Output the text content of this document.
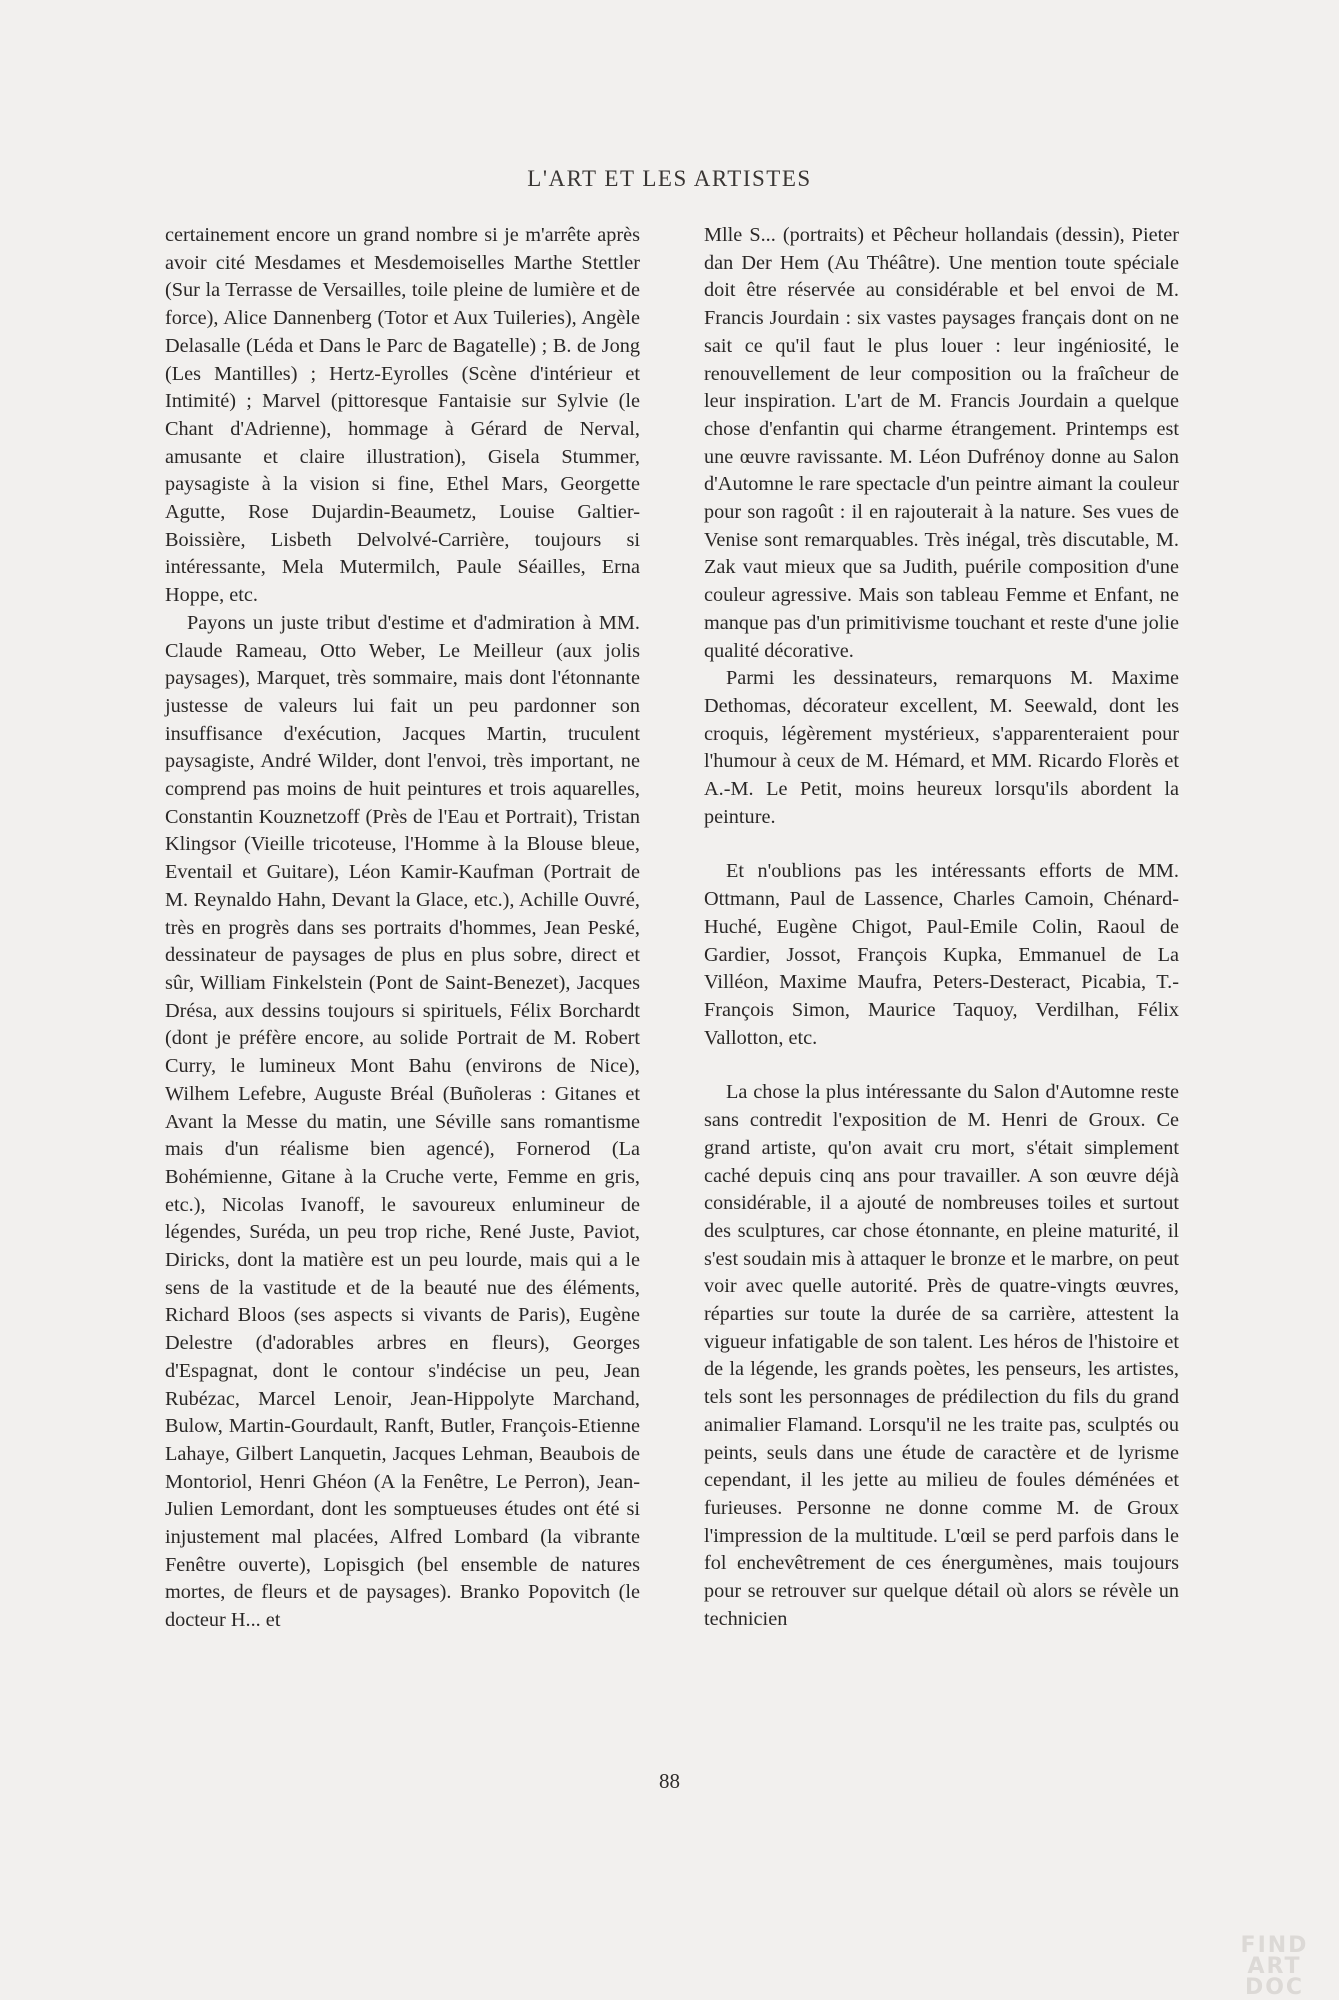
L'ART ET LES ARTISTES

certainement encore un grand nombre si je m'arrête après avoir cité Mesdames et Mesdemoiselles Marthe Stettler (Sur la Terrasse de Versailles, toile pleine de lumière et de force), Alice Dannenberg (Totor et Aux Tuileries), Angèle Delasalle (Léda et Dans le Parc de Bagatelle) ; B. de Jong (Les Mantilles) ; Hertz-Eyrolles (Scène d'intérieur et Intimité) ; Marvel (pittoresque Fantaisie sur Sylvie (le Chant d'Adrienne), hommage à Gérard de Nerval, amusante et claire illustration), Gisela Stummer, paysagiste à la vision si fine, Ethel Mars, Georgette Agutte, Rose Dujardin-Beaumetz, Louise Galtier-Boissière, Lisbeth Delvolvé-Carrière, toujours si intéressante, Mela Mutermilch, Paule Séailles, Erna Hoppe, etc.

Payons un juste tribut d'estime et d'admiration à MM. Claude Rameau, Otto Weber, Le Meilleur (aux jolis paysages), Marquet, très sommaire, mais dont l'étonnante justesse de valeurs lui fait un peu pardonner son insuffisance d'exécution, Jacques Martin, truculent paysagiste, André Wilder, dont l'envoi, très important, ne comprend pas moins de huit peintures et trois aquarelles, Constantin Kouznetzoff (Près de l'Eau et Portrait), Tristan Klingsor (Vieille tricoteuse, l'Homme à la Blouse bleue, Eventail et Guitare), Léon Kamir-Kaufman (Portrait de M. Reynaldo Hahn, Devant la Glace, etc.), Achille Ouvré, très en progrès dans ses portraits d'hommes, Jean Peské, dessinateur de paysages de plus en plus sobre, direct et sûr, William Finkelstein (Pont de Saint-Benezet), Jacques Drésa, aux dessins toujours si spirituels, Félix Borchardt (dont je préfère encore, au solide Portrait de M. Robert Curry, le lumineux Mont Bahu (environs de Nice), Wilhem Lefebre, Auguste Bréal (Buñoleras : Gitanes et Avant la Messe du matin, une Séville sans romantisme mais d'un réalisme bien agencé), Fornerod (La Bohémienne, Gitane à la Cruche verte, Femme en gris, etc.), Nicolas Ivanoff, le savoureux enlumineur de légendes, Suréda, un peu trop riche, René Juste, Paviot, Diricks, dont la matière est un peu lourde, mais qui a le sens de la vastitude et de la beauté nue des éléments, Richard Bloos (ses aspects si vivants de Paris), Eugène Delestre (d'adorables arbres en fleurs), Georges d'Espagnat, dont le contour s'indécise un peu, Jean Rubézac, Marcel Lenoir, Jean-Hippolyte Marchand, Bulow, Martin-Gourdault, Ranft, Butler, François-Etienne Lahaye, Gilbert Lanquetin, Jacques Lehman, Beaubois de Montoriol, Henri Ghéon (A la Fenêtre, Le Perron), Jean-Julien Lemordant, dont les somptueuses études ont été si injustement mal placées, Alfred Lombard (la vibrante Fenêtre ouverte), Lopisgich (bel ensemble de natures mortes, de fleurs et de paysages). Branko Popovitch (le docteur H... et

Mlle S... (portraits) et Pêcheur hollandais (dessin), Pieter dan Der Hem (Au Théâtre). Une mention toute spéciale doit être réservée au considérable et bel envoi de M. Francis Jourdain : six vastes paysages français dont on ne sait ce qu'il faut le plus louer : leur ingéniosité, le renouvellement de leur composition ou la fraîcheur de leur inspiration. L'art de M. Francis Jourdain a quelque chose d'enfantin qui charme étrangement. Printemps est une œuvre ravissante. M. Léon Dufrénoy donne au Salon d'Automne le rare spectacle d'un peintre aimant la couleur pour son ragoût : il en rajouterait à la nature. Ses vues de Venise sont remarquables. Très inégal, très discutable, M. Zak vaut mieux que sa Judith, puérile composition d'une couleur agressive. Mais son tableau Femme et Enfant, ne manque pas d'un primitivisme touchant et reste d'une jolie qualité décorative.

Parmi les dessinateurs, remarquons M. Maxime Dethomas, décorateur excellent, M. Seewald, dont les croquis, légèrement mystérieux, s'apparenteraient pour l'humour à ceux de M. Hémard, et MM. Ricardo Florès et A.-M. Le Petit, moins heureux lorsqu'ils abordent la peinture.

Et n'oublions pas les intéressants efforts de MM. Ottmann, Paul de Lassence, Charles Camoin, Chénard-Huché, Eugène Chigot, Paul-Emile Colin, Raoul de Gardier, Jossot, François Kupka, Emmanuel de La Villéon, Maxime Maufra, Peters-Desteract, Picabia, T.-François Simon, Maurice Taquoy, Verdilhan, Félix Vallotton, etc.

La chose la plus intéressante du Salon d'Automne reste sans contredit l'exposition de M. Henri de Groux. Ce grand artiste, qu'on avait cru mort, s'était simplement caché depuis cinq ans pour travailler. A son œuvre déjà considérable, il a ajouté de nombreuses toiles et surtout des sculptures, car chose étonnante, en pleine maturité, il s'est soudain mis à attaquer le bronze et le marbre, on peut voir avec quelle autorité. Près de quatre-vingts œuvres, réparties sur toute la durée de sa carrière, attestent la vigueur infatigable de son talent. Les héros de l'histoire et de la légende, les grands poètes, les penseurs, les artistes, tels sont les personnages de prédilection du fils du grand animalier Flamand. Lorsqu'il ne les traite pas, sculptés ou peints, seuls dans une étude de caractère et de lyrisme cependant, il les jette au milieu de foules déménées et furieuses. Personne ne donne comme M. de Groux l'impression de la multitude. L'œil se perd parfois dans le fol enchevêtrement de ces énergumènes, mais toujours pour se retrouver sur quelque détail où alors se révèle un technicien

88
FIND
ART
DOC
